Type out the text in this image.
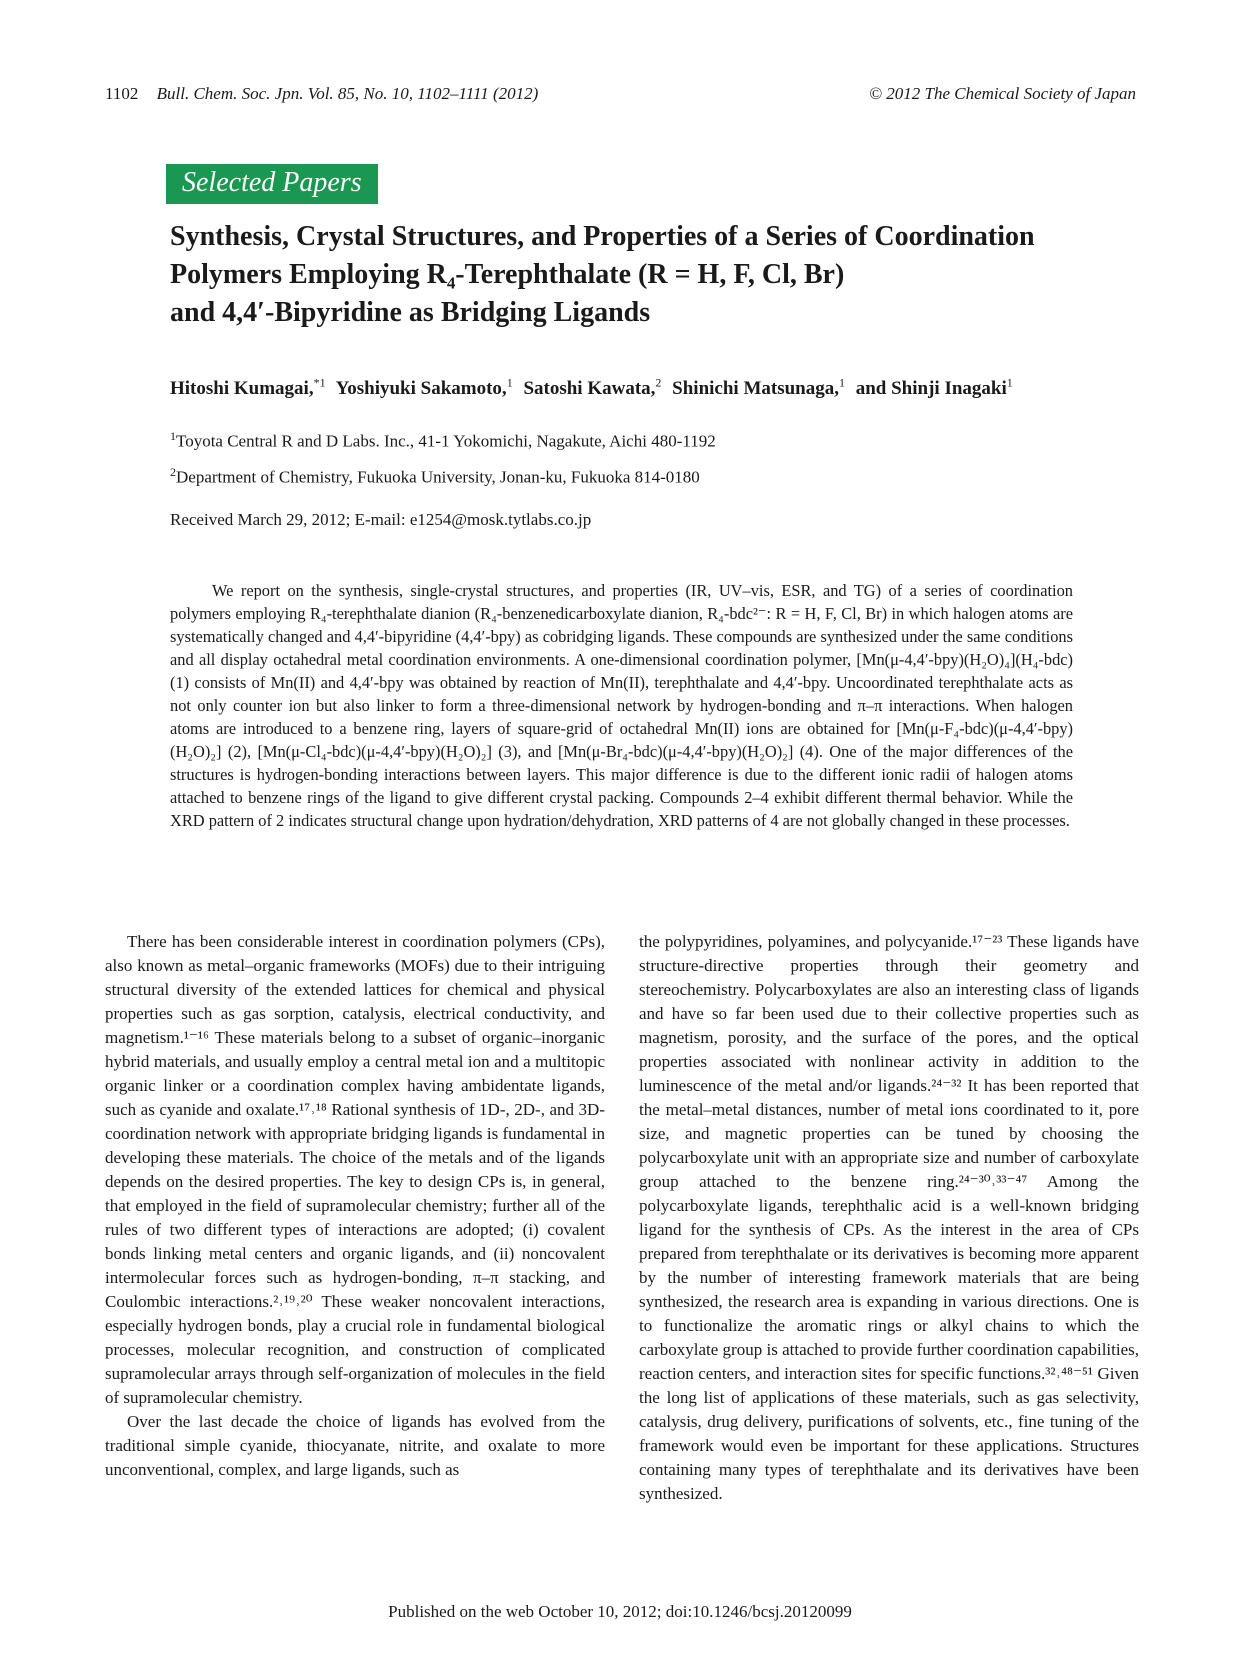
1102 Bull. Chem. Soc. Jpn. Vol. 85, No. 10, 1102–1111 (2012)	© 2012 The Chemical Society of Japan
Selected Papers
Synthesis, Crystal Structures, and Properties of a Series of Coordination
Polymers Employing R₄-Terephthalate (R = H, F, Cl, Br)
and 4,4′-Bipyridine as Bridging Ligands
Hitoshi Kumagai,$^{*1}$ Yoshiyuki Sakamoto,$^1$ Satoshi Kawata,$^2$ Shinichi Matsunaga,$^1$ and Shinji Inagaki$^1$
$^1$Toyota Central R and D Labs. Inc., 41-1 Yokomichi, Nagakute, Aichi 480-1192
$^2$Department of Chemistry, Fukuoka University, Jonan-ku, Fukuoka 814-0180
Received March 29, 2012; E-mail: e1254@mosk.tytlabs.co.jp

We report on the synthesis, single-crystal structures, and properties (IR, UV–vis, ESR, and TG) of a series of coordination polymers employing R₄-terephthalate dianion (R₄-benzenedicarboxylate dianion, R₄-bdc²⁻: R = H, F, Cl, Br) in which halogen atoms are systematically changed and 4,4′-bipyridine (4,4′-bpy) as cobridging ligands. These compounds are synthesized under the same conditions and all display octahedral metal coordination environments. A one-dimensional coordination polymer, [Mn(μ-4,4′-bpy)(H₂O)₄](H₄-bdc) (1) consists of Mn(II) and 4,4′-bpy was obtained by reaction of Mn(II), terephthalate and 4,4′-bpy. Uncoordinated terephthalate acts as not only counter ion but also linker to form a three-dimensional network by hydrogen-bonding and π–π interactions. When halogen atoms are introduced to a benzene ring, layers of square-grid of octahedral Mn(II) ions are obtained for [Mn(μ-F₄-bdc)(μ-4,4′-bpy)(H₂O)₂] (2), [Mn(μ-Cl₄-bdc)(μ-4,4′-bpy)(H₂O)₂] (3), and [Mn(μ-Br₄-bdc)(μ-4,4′-bpy)(H₂O)₂] (4). One of the major differences of the structures is hydrogen-bonding interactions between layers. This major difference is due to the different ionic radii of halogen atoms attached to benzene rings of the ligand to give different crystal packing. Compounds 2–4 exhibit different thermal behavior. While the XRD pattern of 2 indicates structural change upon hydration/dehydration, XRD patterns of 4 are not globally changed in these processes.

There has been considerable interest in coordination polymers (CPs), also known as metal–organic frameworks (MOFs) due to their intriguing structural diversity of the extended lattices for chemical and physical properties such as gas sorption, catalysis, electrical conductivity, and magnetism.¹⁻¹⁶ These materials belong to a subset of organic–inorganic hybrid materials, and usually employ a central metal ion and a multitopic organic linker or a coordination complex having ambidentate ligands, such as cyanide and oxalate.¹⁷˒¹⁸ Rational synthesis of 1D-, 2D-, and 3D-coordination network with appropriate bridging ligands is fundamental in developing these materials. The choice of the metals and of the ligands depends on the desired properties. The key to design CPs is, in general, that employed in the field of supramolecular chemistry; further all of the rules of two different types of interactions are adopted; (i) covalent bonds linking metal centers and organic ligands, and (ii) noncovalent intermolecular forces such as hydrogen-bonding, π–π stacking, and Coulombic interactions.²˒¹⁹˒²⁰ These weaker noncovalent interactions, especially hydrogen bonds, play a crucial role in fundamental biological processes, molecular recognition, and construction of complicated supramolecular arrays through self-organization of molecules in the field of supramolecular chemistry.

Over the last decade the choice of ligands has evolved from the traditional simple cyanide, thiocyanate, nitrite, and oxalate to more unconventional, complex, and large ligands, such as

the polypyridines, polyamines, and polycyanide.¹⁷⁻²³ These ligands have structure-directive properties through their geometry and stereochemistry. Polycarboxylates are also an interesting class of ligands and have so far been used due to their collective properties such as magnetism, porosity, and the surface of the pores, and the optical properties associated with nonlinear activity in addition to the luminescence of the metal and/or ligands.²⁴⁻³² It has been reported that the metal–metal distances, number of metal ions coordinated to it, pore size, and magnetic properties can be tuned by choosing the polycarboxylate unit with an appropriate size and number of carboxylate group attached to the benzene ring.²⁴⁻³⁰˒³³⁻⁴⁷ Among the polycarboxylate ligands, terephthalic acid is a well-known bridging ligand for the synthesis of CPs. As the interest in the area of CPs prepared from terephthalate or its derivatives is becoming more apparent by the number of interesting framework materials that are being synthesized, the research area is expanding in various directions. One is to functionalize the aromatic rings or alkyl chains to which the carboxylate group is attached to provide further coordination capabilities, reaction centers, and interaction sites for specific functions.³²˒⁴⁸⁻⁵¹ Given the long list of applications of these materials, such as gas selectivity, catalysis, drug delivery, purifications of solvents, etc., fine tuning of the framework would even be important for these applications. Structures containing many types of terephthalate and its derivatives have been synthesized.

Published on the web October 10, 2012; doi:10.1246/bcsj.20120099
